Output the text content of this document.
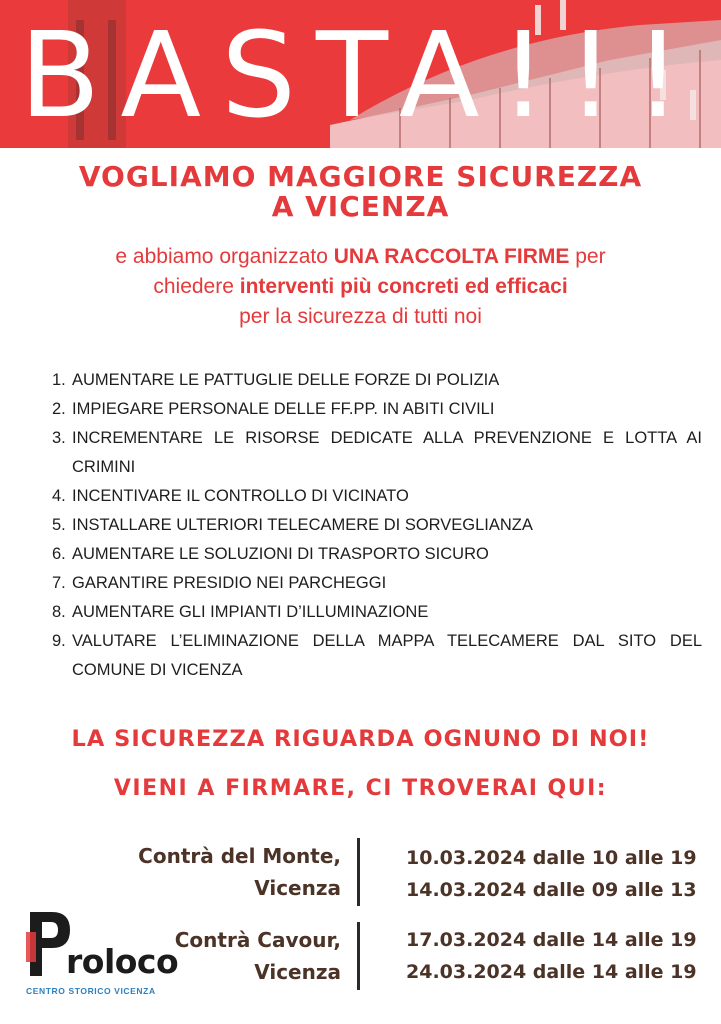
BASTA!!!
VOGLIAMO MAGGIORE SICUREZZA
A VICENZA
e abbiamo organizzato UNA RACCOLTA FIRME per
chiedere interventi più concreti ed efficaci
per la sicurezza di tutti noi
1. AUMENTARE LE PATTUGLIE DELLE FORZE DI POLIZIA
2. IMPIEGARE PERSONALE DELLE FF.PP. IN ABITI CIVILI
3. INCREMENTARE LE RISORSE DEDICATE ALLA PREVENZIONE E LOTTA AI CRIMINI
4. INCENTIVARE IL CONTROLLO DI VICINATO
5. INSTALLARE ULTERIORI TELECAMERE DI SORVEGLIANZA
6. AUMENTARE LE SOLUZIONI DI TRASPORTO SICURO
7. GARANTIRE PRESIDIO NEI PARCHEGGI
8. AUMENTARE GLI IMPIANTI D’ILLUMINAZIONE
9. VALUTARE L’ELIMINAZIONE DELLA MAPPA TELECAMERE DAL SITO DEL COMUNE DI VICENZA
LA SICUREZZA RIGUARDA OGNUNO DI NOI!
VIENI A FIRMARE, CI TROVERAI QUI:
Contrà del Monte,
Vicenza
10.03.2024 dalle 10 alle 19
14.03.2024 dalle 09 alle 13
Contrà Cavour,
Vicenza
17.03.2024 dalle 14 alle 19
24.03.2024 dalle 14 alle 19
roloco
CENTRO STORICO VICENZA
